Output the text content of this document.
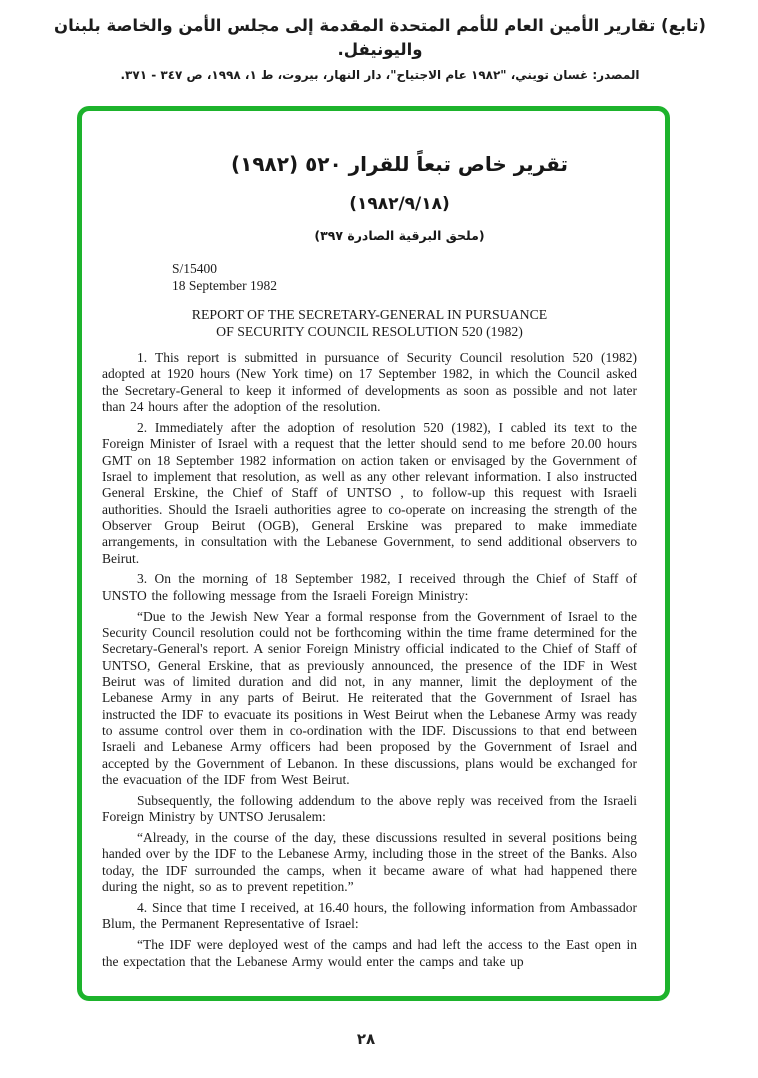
(تابع) تقارير الأمين العام للأمم المتحدة المقدمة إلى مجلس الأمن والخاصة بلبنان واليونيفل.
المصدر: غسان تويني، "١٩٨٢ عام الاجتياح"، دار النهار، بيروت، ط ١، ١٩٩٨، ص ٣٤٧ - ٣٧١.
تقرير خاص تبعاً للقرار ٥٢٠ (١٩٨٢)
(١٩٨٢/٩/١٨)
(ملحق البرقية الصادرة ٣٩٧)
S/15400
18 September 1982
REPORT OF THE SECRETARY-GENERAL IN PURSUANCE
OF SECURITY COUNCIL RESOLUTION 520 (1982)

1. This report is submitted in pursuance of Security Council resolution 520 (1982) adopted at 1920 hours (New York time) on 17 September 1982, in which the Council asked the Secretary-General to keep it informed of developments as soon as possible and not later than 24 hours after the adoption of the resolution.

2. Immediately after the adoption of resolution 520 (1982), I cabled its text to the Foreign Minister of Israel with a request that the letter should send to me before 20.00 hours GMT on 18 September 1982 information on action taken or envisaged by the Government of Israel to implement that resolution, as well as any other relevant information. I also instructed General Erskine, the Chief of Staff of UNTSO , to follow-up this request with Israeli authorities. Should the Israeli authorities agree to co-operate on increasing the strength of the Observer Group Beirut (OGB), General Erskine was prepared to make immediate arrangements, in consultation with the Lebanese Government, to send additional observers to Beirut.

3. On the morning of 18 September 1982, I received through the Chief of Staff of UNSTO the following message from the Israeli Foreign Ministry:

“Due to the Jewish New Year a formal response from the Government of Israel to the Security Council resolution could not be forthcoming within the time frame determined for the Secretary-General's report. A senior Foreign Ministry official indicated to the Chief of Staff of UNTSO, General Erskine, that as previously announced, the presence of the IDF in West Beirut was of limited duration and did not, in any manner, limit the deployment of the Lebanese Army in any parts of Beirut. He reiterated that the Government of Israel has instructed the IDF to evacuate its positions in West Beirut when the Lebanese Army was ready to assume control over them in co-ordination with the IDF. Discussions to that end between Israeli and Lebanese Army officers had been proposed by the Government of Israel and accepted by the Government of Lebanon. In these discussions, plans would be exchanged for the evacuation of the IDF from West Beirut.

Subsequently, the following addendum to the above reply was received from the Israeli Foreign Ministry by UNTSO Jerusalem:

“Already, in the course of the day, these discussions resulted in several positions being handed over by the IDF to the Lebanese Army, including those in the street of the Banks. Also today, the IDF surrounded the camps, when it became aware of what had happened there during the night, so as to prevent repetition.”

4. Since that time I received, at 16.40 hours, the following information from Ambassador Blum, the Permanent Representative of Israel:

“The IDF were deployed west of the camps and had left the access to the East open in the expectation that the Lebanese Army would enter the camps and take up

٢٨
